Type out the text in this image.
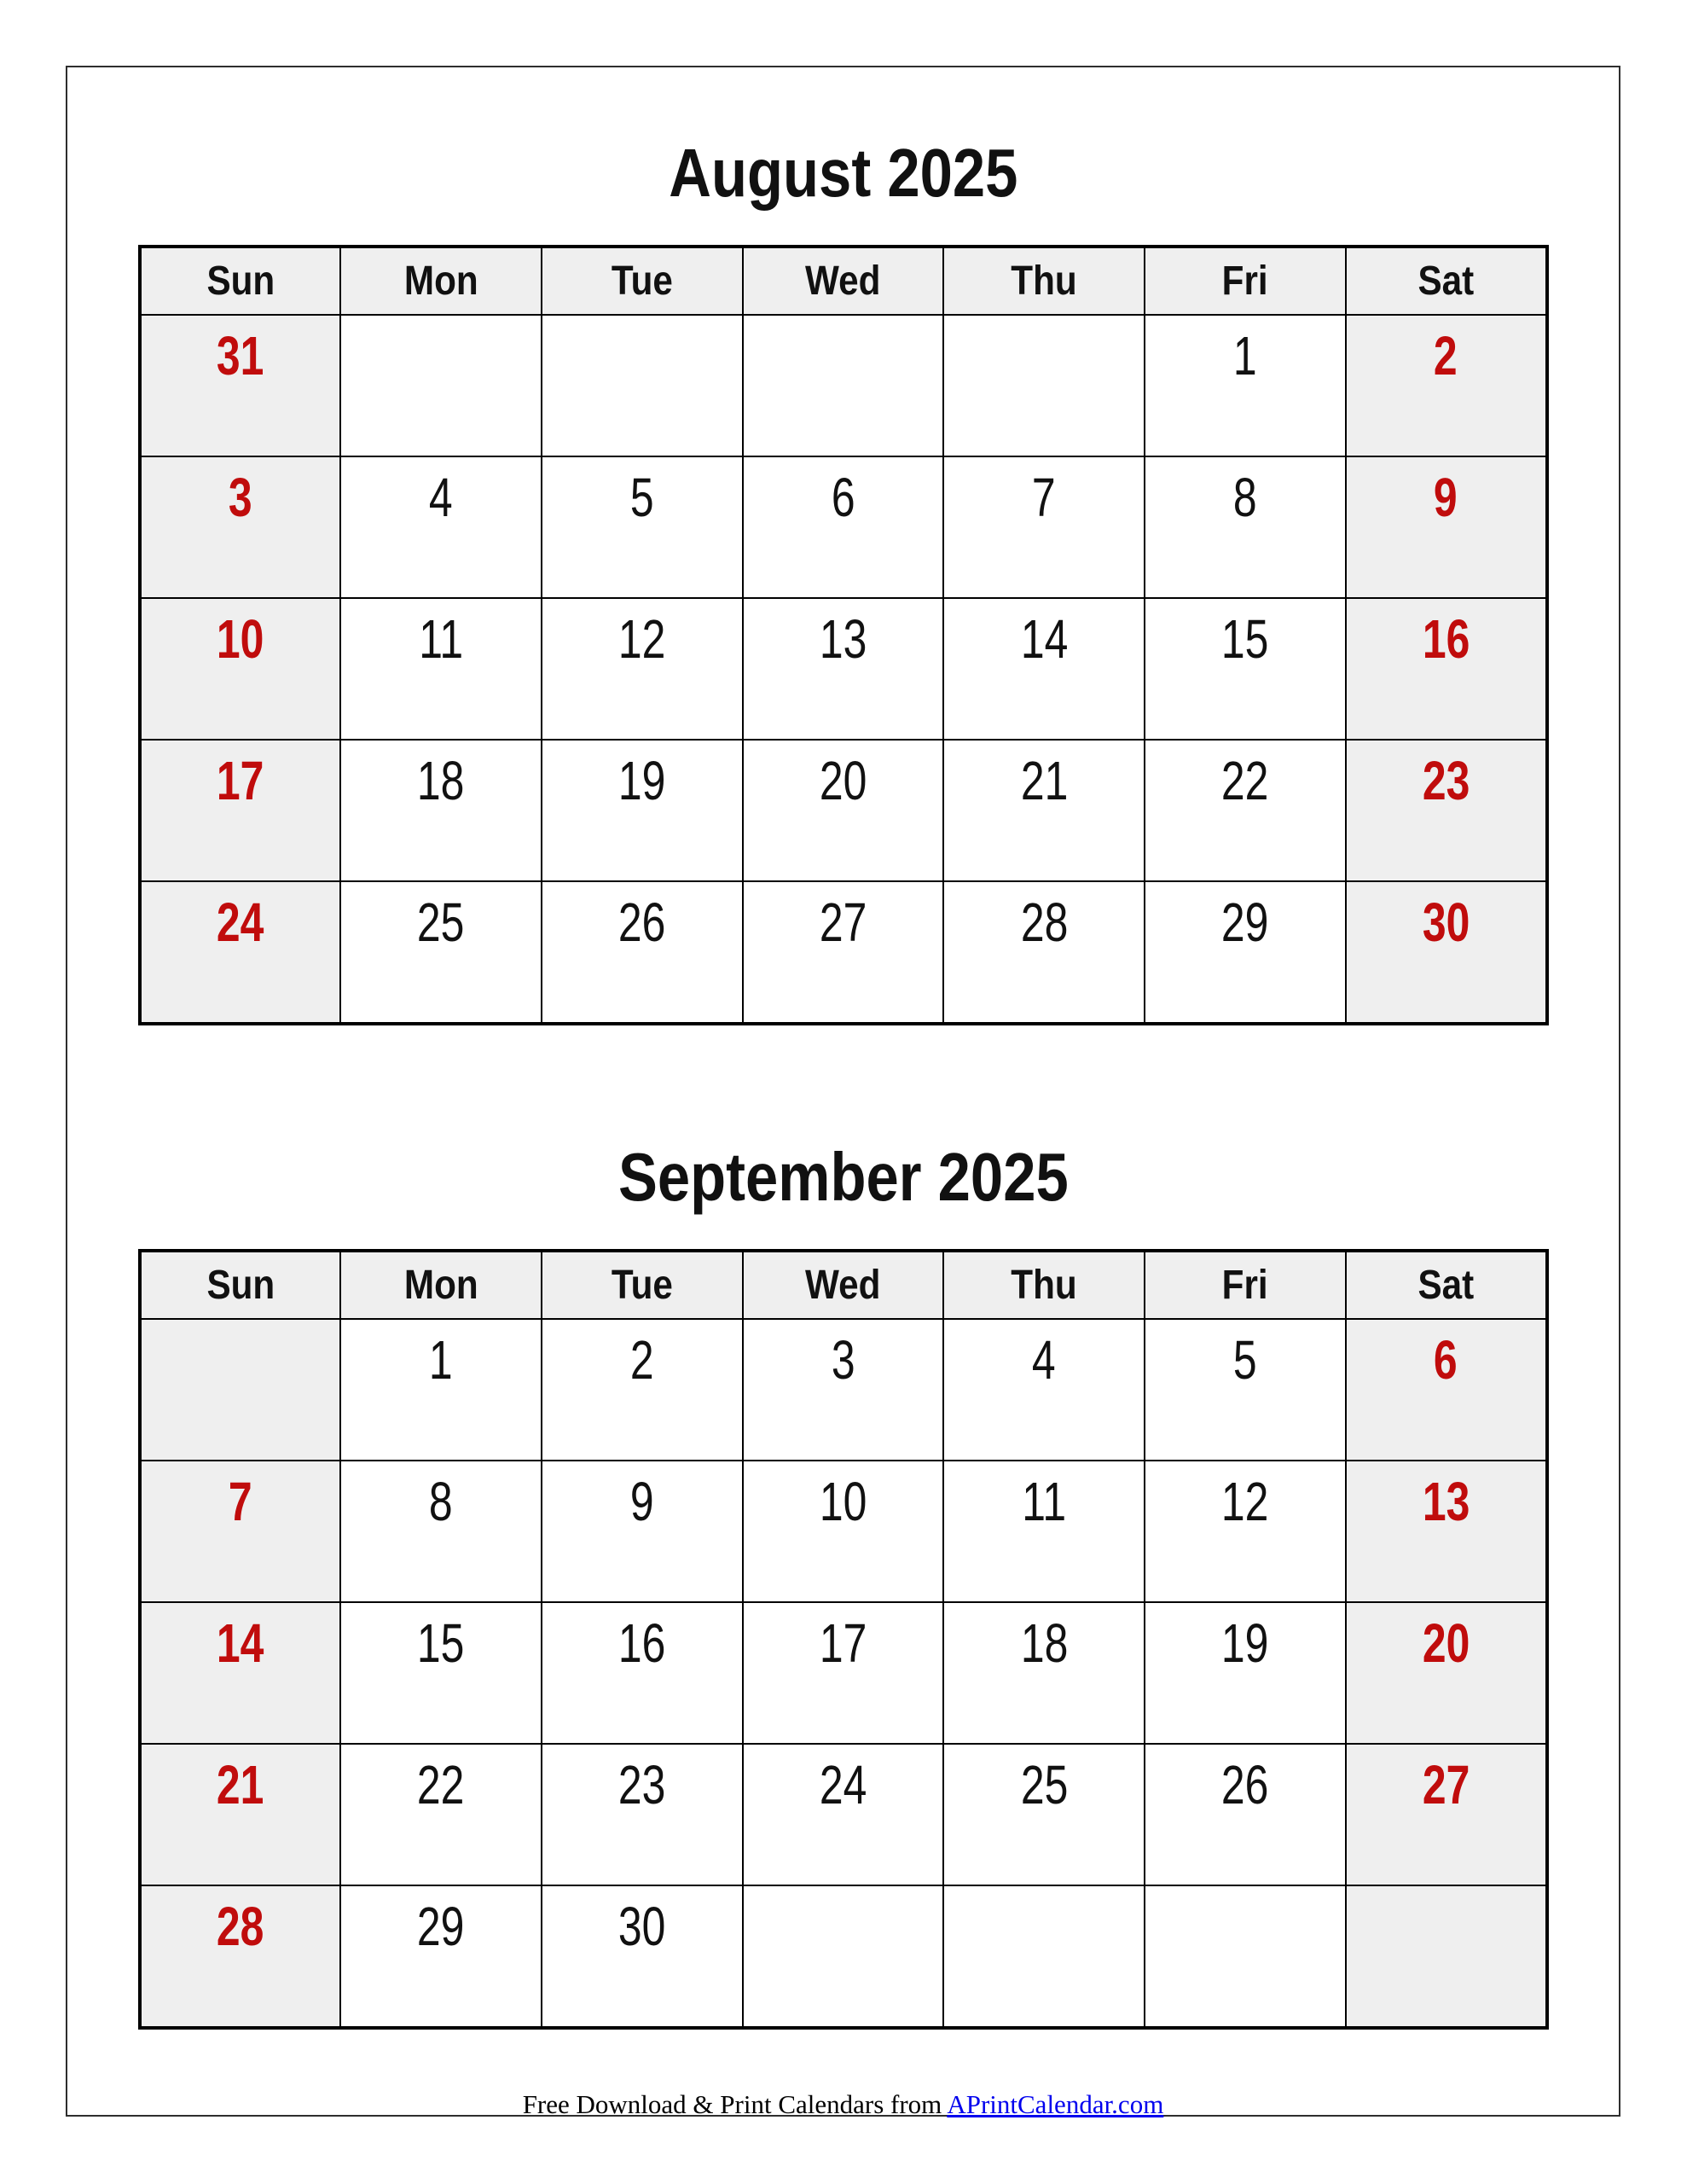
August 2025
Sun	Mon	Tue	Wed	Thu	Fri	Sat
31					1	2
3	4	5	6	7	8	9
10	11	12	13	14	15	16
17	18	19	20	21	22	23
24	25	26	27	28	29	30
September 2025
Sun	Mon	Tue	Wed	Thu	Fri	Sat
	1	2	3	4	5	6
7	8	9	10	11	12	13
14	15	16	17	18	19	20
21	22	23	24	25	26	27
28	29	30				

Free Download & Print Calendars from APrintCalendar.com
